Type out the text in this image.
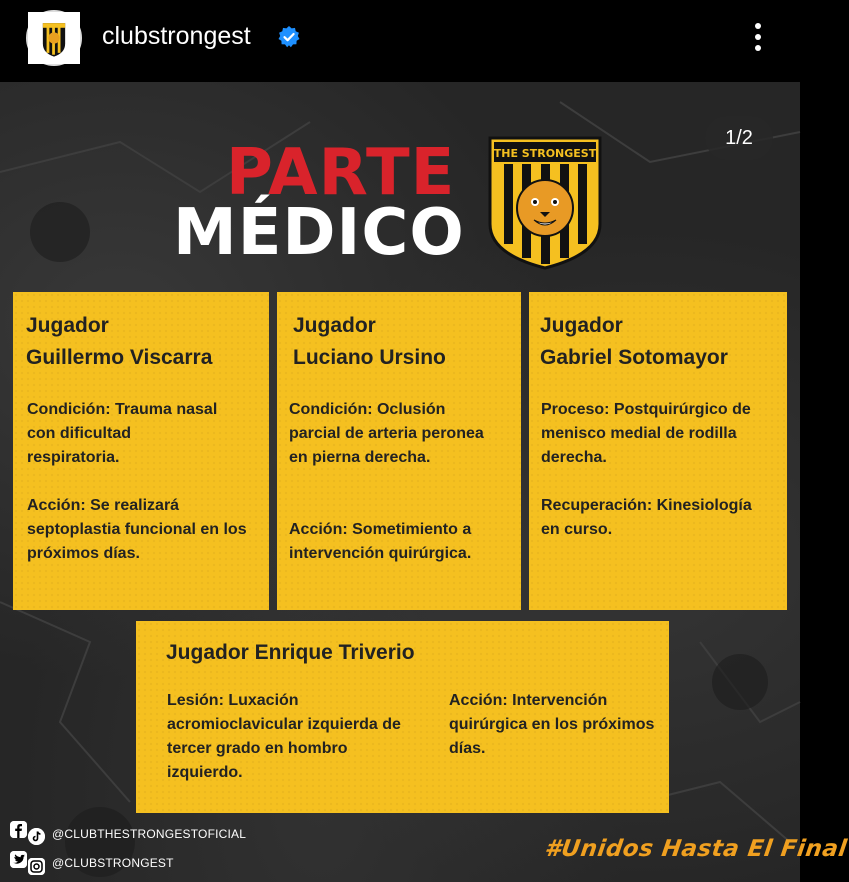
clubstrongest
1/2
PARTE
MÉDICO
THE STRONGEST
Jugador
Guillermo Viscarra
Condición: Trauma nasal con dificultad respiratoria.
Acción: Se realizará septoplastia funcional en los próximos días.
Jugador
Luciano Ursino
Condición: Oclusión parcial de arteria peronea en pierna derecha.
Acción: Sometimiento a intervención quirúrgica.
Jugador
Gabriel Sotomayor
Proceso: Postquirúrgico de menisco medial de rodilla derecha.
Recuperación: Kinesiología en curso.
Jugador Enrique Triverio
Lesión: Luxación acromioclavicular izquierda de tercer grado en hombro izquierdo.
Acción: Intervención quirúrgica en los próximos días.
@CLUBTHESTRONGESTOFICIAL
@CLUBSTRONGEST
#Unidos Hasta El Final
